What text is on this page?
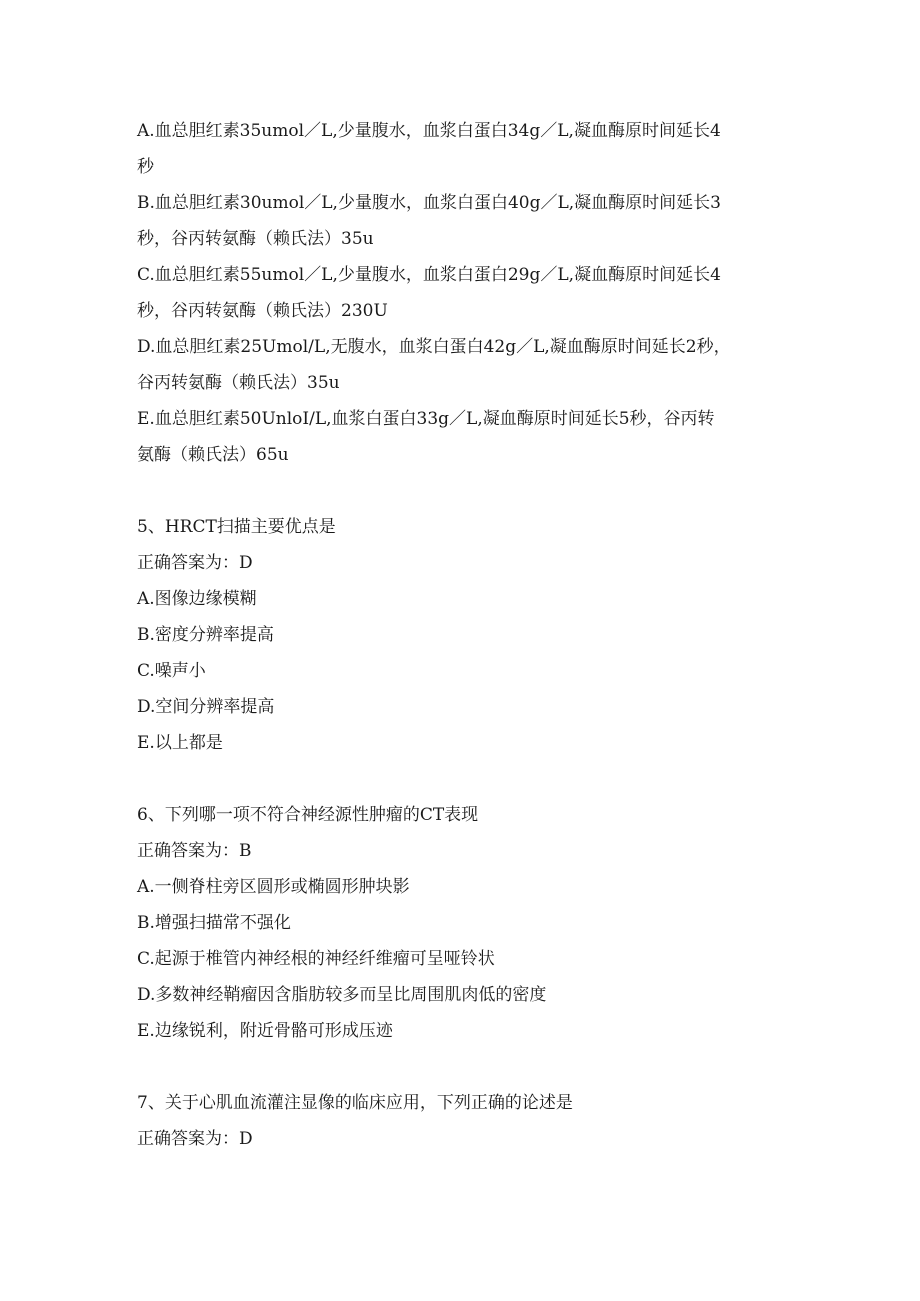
A.血总胆红素35umol／L,少量腹水，血浆白蛋白34g／L,凝血酶原时间延长4
秒
B.血总胆红素30umol／L,少量腹水，血浆白蛋白40g／L,凝血酶原时间延长3
秒，谷丙转氨酶（赖氏法）35u
C.血总胆红素55umol／L,少量腹水，血浆白蛋白29g／L,凝血酶原时间延长4
秒，谷丙转氨酶（赖氏法）230U
D.血总胆红素25Umol/L,无腹水，血浆白蛋白42g／L,凝血酶原时间延长2秒，
谷丙转氨酶（赖氏法）35u
E.血总胆红素50UnloI/L,血浆白蛋白33g／L,凝血酶原时间延长5秒，谷丙转
氨酶（赖氏法）65u
5、HRCT扫描主要优点是
正确答案为：D
A.图像边缘模糊
B.密度分辨率提高
C.噪声小
D.空间分辨率提高
E.以上都是
6、下列哪一项不符合神经源性肿瘤的CT表现
正确答案为：B
A.一侧脊柱旁区圆形或椭圆形肿块影
B.增强扫描常不强化
C.起源于椎管内神经根的神经纤维瘤可呈哑铃状
D.多数神经鞘瘤因含脂肪较多而呈比周围肌肉低的密度
E.边缘锐利，附近骨骼可形成压迹
7、关于心肌血流灌注显像的临床应用，下列正确的论述是
正确答案为：D
